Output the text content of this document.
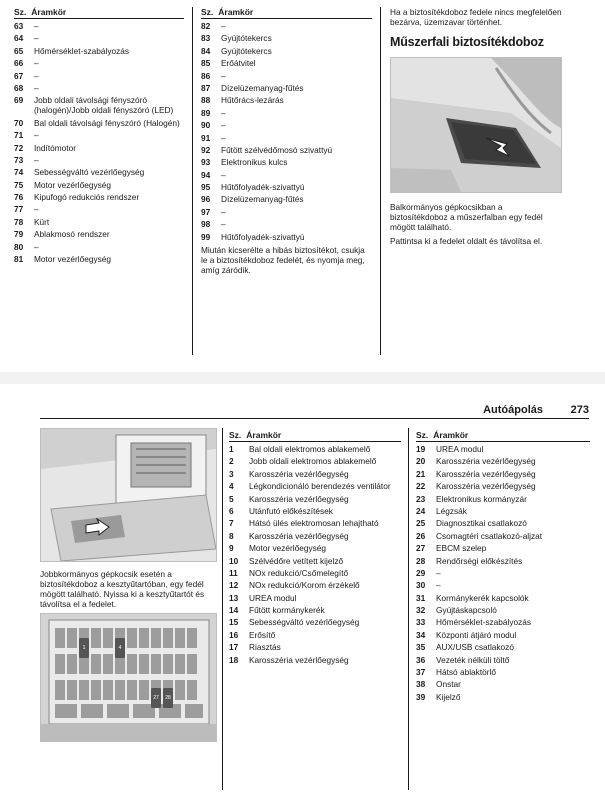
Sz. Áramkör
63	–
64	–
65	Hőmérséklet-szabályozás
66	–
67	–
68	–
69	Jobb oldali távolsági fényszóró (halogén)/Jobb oldali fényszóró (LED)
70	Bal oldali távolsági fényszóró (Halogén)
71	–
72	Indítómotor
73	–
74	Sebességváltó vezérlőegység
75	Motor vezérlőegység
76	Kipufogó redukciós rendszer
77	–
78	Kürt
79	Ablakmosó rendszer
80	–
81	Motor vezérlőegység
Sz. Áramkör
82	–
83	Gyújtótekercs
84	Gyújtótekercs
85	Erőátvitel
86	–
87	Dízelüzemanyag-fűtés
88	Hűtőrács-lezárás
89	–
90	–
91	–
92	Fűtött szélvédőmosó szivattyú
93	Elektronikus kulcs
94	–
95	Hűtőfolyadék-szivattyú
96	Dízelüzemanyag-fűtés
97	–
98	–
99	Hűtőfolyadék-szivattyú

Miután kicserélte a hibás biztosítékot, csukja le a biztosítékdoboz fedelét, és nyomja meg, amíg záródik.

Ha a biztosítékdoboz fedele nincs megfelelően bezárva, üzemzavar történhet.

Műszerfali biztosítékdoboz

Balkormányos gépkocsikban a biztosítékdoboz a műszerfalban egy fedél mögött található.

Pattintsa ki a fedelet oldalt és távolítsa el.

Autóápolás	273

Jobbkormányos gépkocsik esetén a biztosítékdoboz a kesztyűtartóban, egy fedél mögött található. Nyissa ki a kesztyűtartót és távolítsa el a fedelet.

1	4
27	28
Sz. Áramkör
1	Bal oldali elektromos ablakemelő
2	Jobb oldali elektromos ablakemelő
3	Karosszéria vezérlőegység
4	Légkondicionáló berendezés ventilátor
5	Karosszéria vezérlőegység
6	Utánfutó előkészítések
7	Hátsó ülés elektromosan lehajtható
8	Karosszéria vezérlőegység
9	Motor vezérlőegység
10	Szélvédőre vetített kijelző
11	NOx redukció/Csőmelegítő
12	NOx redukció/Korom érzékelő
13	UREA modul
14	Fűtött kormánykerék
15	Sebességváltó vezérlőegység
16	Erősítő
17	Riasztás
18	Karosszéria vezérlőegység
Sz. Áramkör
19	UREA modul
20	Karosszéria vezérlőegység
21	Karosszéria vezérlőegység
22	Karosszéria vezérlőegység
23	Elektronikus kormányzár
24	Légzsák
25	Diagnosztikai csatlakozó
26	Csomagtéri csatlakozó-aljzat
27	EBCM szelep
28	Rendőrségi előkészítés
29	–
30	–
31	Kormánykerék kapcsolók
32	Gyújtáskapcsoló
33	Hőmérséklet-szabályozás
34	Központi átjáró modul
35	AUX/USB csatlakozó
36	Vezeték nélküli töltő
37	Hátsó ablaktörlő
38	Onstar
39	Kijelző
